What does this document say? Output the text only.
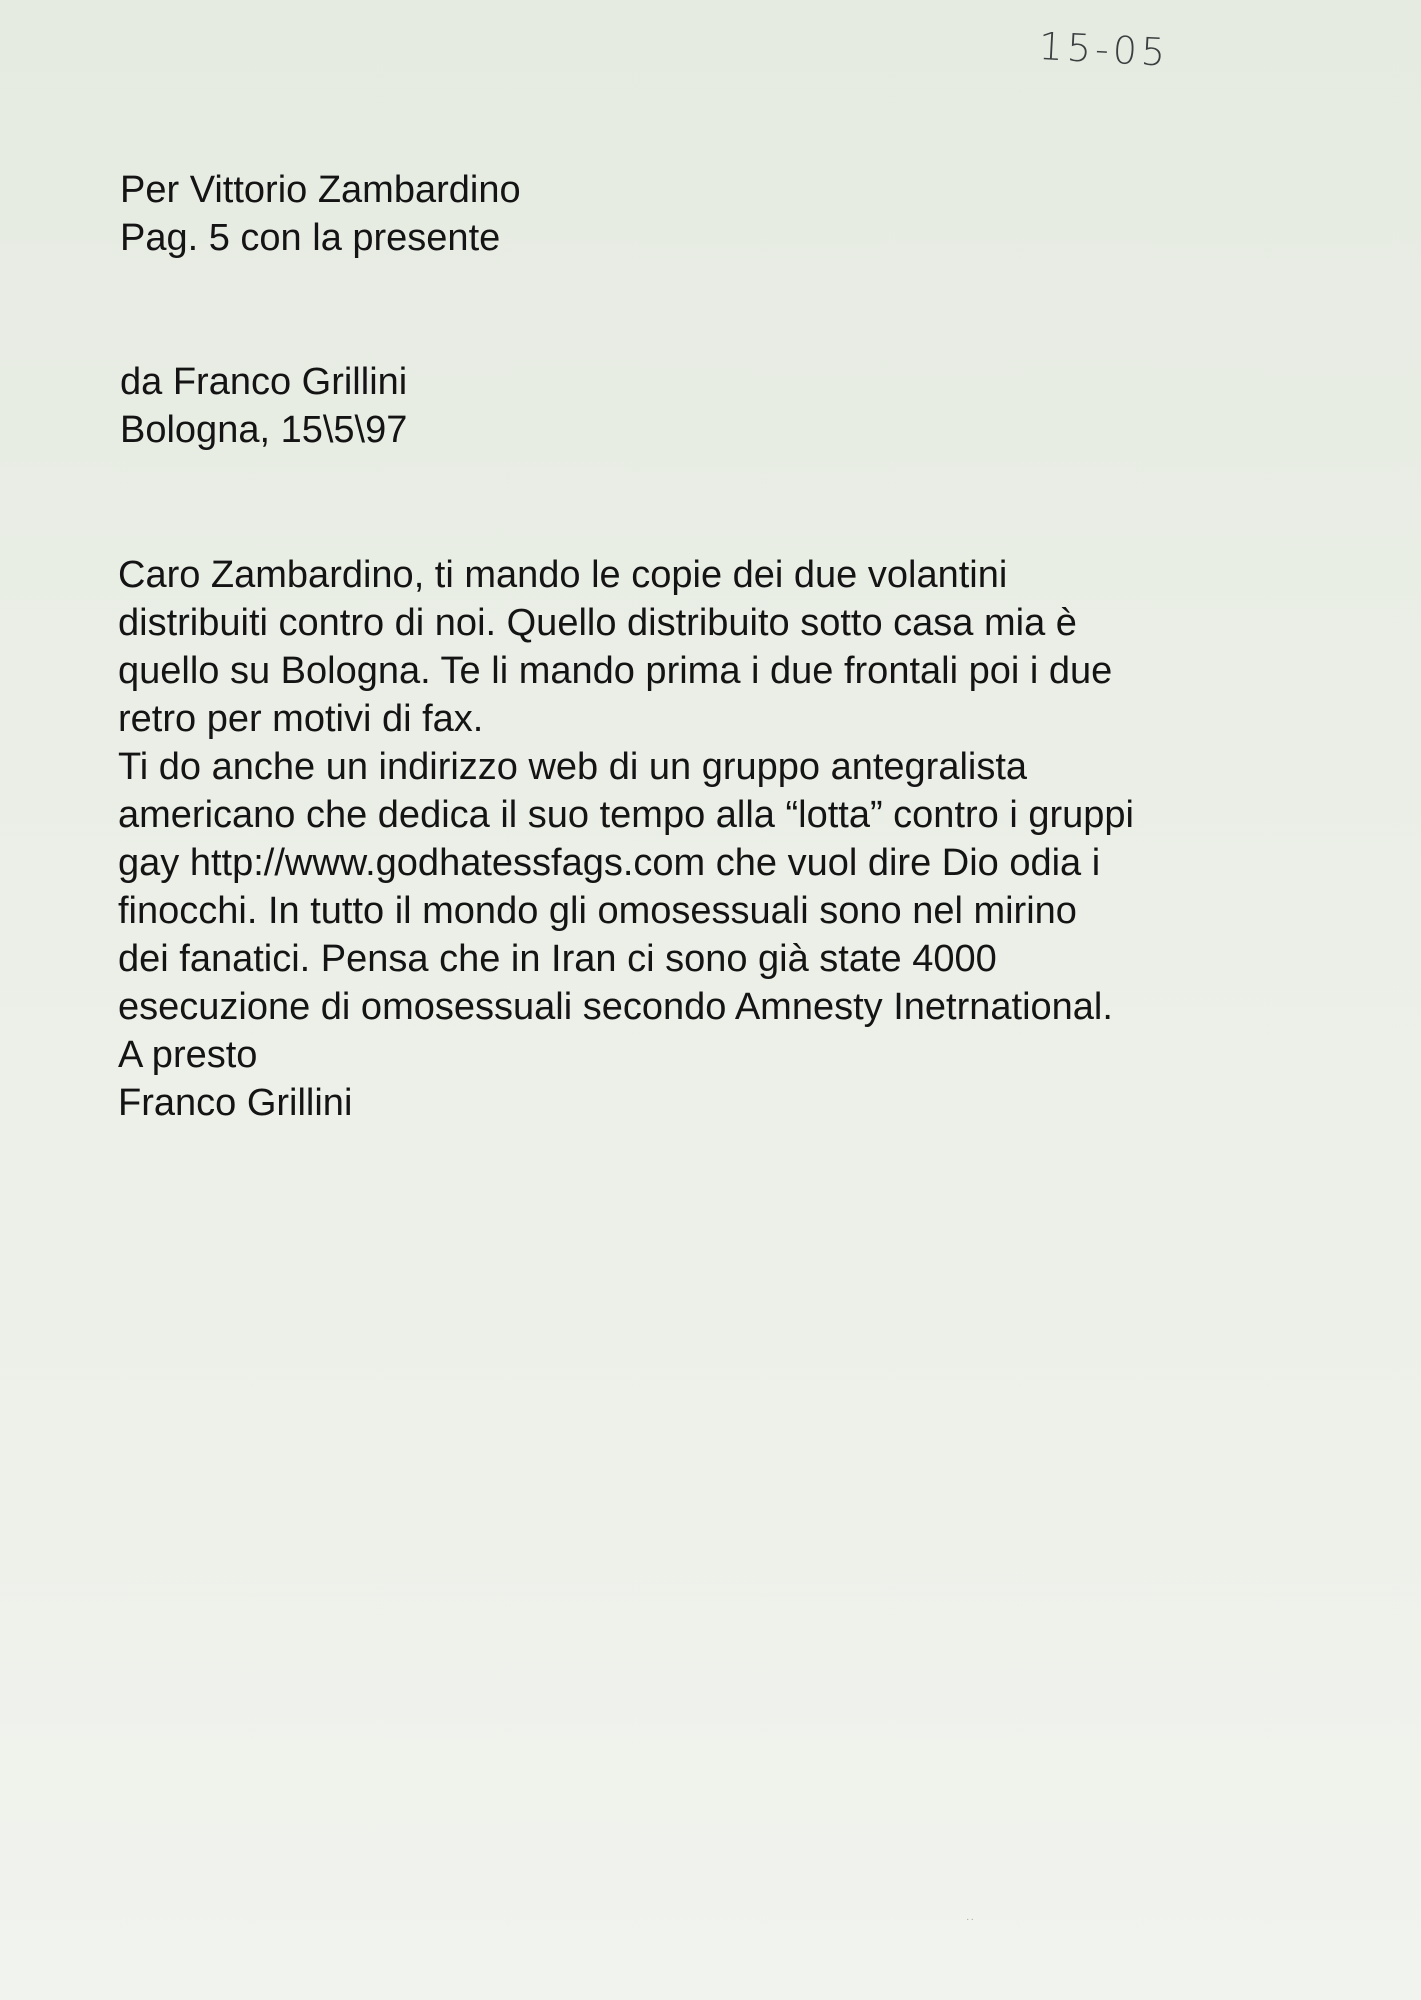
15-05
Per Vittorio Zambardino
Pag. 5 con la presente
da Franco Grillini
Bologna, 15\5\97
Caro Zambardino, ti mando le copie dei due volantini
distribuiti contro di noi. Quello distribuito sotto casa mia è
quello su Bologna. Te li mando prima i due frontali poi i due
retro per motivi di fax.
Ti do anche un indirizzo web di un gruppo antegralista
americano che dedica il suo tempo alla “lotta” contro i gruppi
gay http://www.godhatessfags.com che vuol dire Dio odia i
finocchi. In tutto il mondo gli omosessuali sono nel mirino
dei fanatici. Pensa che in Iran ci sono già state 4000
esecuzione di omosessuali secondo Amnesty Inetrnational.
A presto
Franco Grillini
˙˙
